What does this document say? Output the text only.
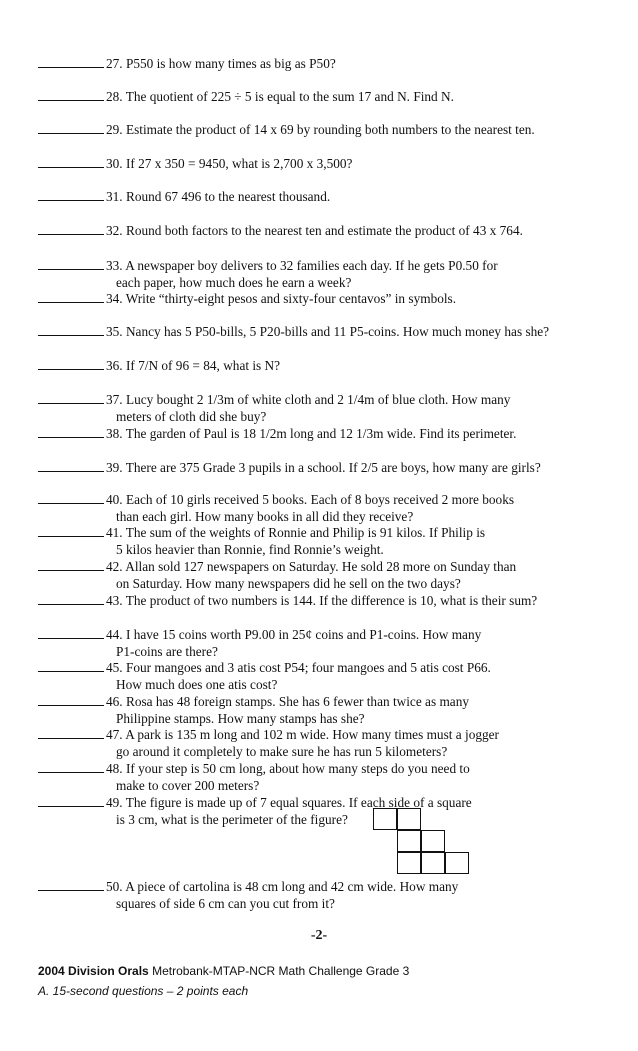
27. P550 is how many times as big as P50?
28. The quotient of 225 ÷ 5 is equal to the sum 17 and N. Find N.
29. Estimate the product of 14 x 69 by rounding both numbers to the nearest ten.
30. If 27 x 350 = 9450, what is 2,700 x 3,500?
31. Round 67 496 to the nearest thousand.
32. Round both factors to the nearest ten and estimate the product of 43 x 764.
33. A newspaper boy delivers to 32 families each day. If he gets P0.50 for
each paper, how much does he earn a week?
34. Write “thirty-eight pesos and sixty-four centavos” in symbols.
35. Nancy has 5 P50-bills, 5 P20-bills and 11 P5-coins. How much money has she?
36. If 7/N of 96 = 84, what is N?
37. Lucy bought 2 1/3m of white cloth and 2 1/4m of blue cloth. How many
meters of cloth did she buy?
38. The garden of Paul is 18 1/2m long and 12 1/3m wide. Find its perimeter.
39. There are 375 Grade 3 pupils in a school. If 2/5 are boys, how many are girls?
40. Each of 10 girls received 5 books. Each of 8 boys received 2 more books
than each girl. How many books in all did they receive?
41. The sum of the weights of Ronnie and Philip is 91 kilos. If Philip is
5 kilos heavier than Ronnie, find Ronnie’s weight.
42. Allan sold 127 newspapers on Saturday. He sold 28 more on Sunday than
on Saturday. How many newspapers did he sell on the two days?
43. The product of two numbers is 144. If the difference is 10, what is their sum?
44. I have 15 coins worth P9.00 in 25¢ coins and P1-coins. How many
P1-coins are there?
45. Four mangoes and 3 atis cost P54; four mangoes and 5 atis cost P66.
How much does one atis cost?
46. Rosa has 48 foreign stamps. She has 6 fewer than twice as many
Philippine stamps. How many stamps has she?
47. A park is 135 m long and 102 m wide. How many times must a jogger
go around it completely to make sure he has run 5 kilometers?
48. If your step is 50 cm long, about how many steps do you need to
make to cover 200 meters?
49. The figure is made up of 7 equal squares. If each side of a square
is 3 cm, what is the perimeter of the figure?
50. A piece of cartolina is 48 cm long and 42 cm wide. How many
squares of side 6 cm can you cut from it?
-2-
2004 Division Orals Metrobank-MTAP-NCR Math Challenge Grade 3
A. 15-second questions – 2 points each
